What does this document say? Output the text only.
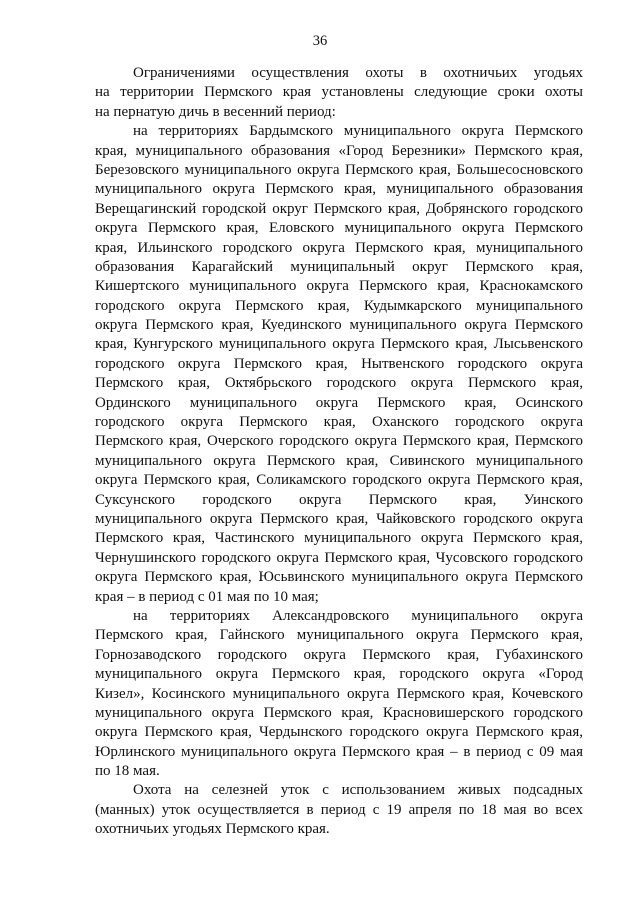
36
Ограничениями осуществления охоты в охотничьих угодьях
на территории Пермского края установлены следующие сроки охоты
на пернатую дичь в весенний период:
на территориях Бардымского муниципального округа Пермского
края, муниципального образования «Город Березники» Пермского края,
Березовского муниципального округа Пермского края, Большесосновского
муниципального округа Пермского края, муниципального образования
Верещагинский городской округ Пермского края, Добрянского городского
округа Пермского края, Еловского муниципального округа Пермского
края, Ильинского городского округа Пермского края, муниципального
образования Карагайский муниципальный округ Пермского края,
Кишертского муниципального округа Пермского края, Краснокамского
городского округа Пермского края, Кудымкарского муниципального
округа Пермского края, Куединского муниципального округа Пермского
края, Кунгурского муниципального округа Пермского края, Лысьвенского
городского округа Пермского края, Нытвенского городского округа
Пермского края, Октябрьского городского округа Пермского края,
Ординского муниципального округа Пермского края, Осинского
городского округа Пермского края, Оханского городского округа
Пермского края, Очерского городского округа Пермского края, Пермского
муниципального округа Пермского края, Сивинского муниципального
округа Пермского края, Соликамского городского округа Пермского края,
Суксунского городского округа Пермского края, Уинского
муниципального округа Пермского края, Чайковского городского округа
Пермского края, Частинского муниципального округа Пермского края,
Чернушинского городского округа Пермского края, Чусовского городского
округа Пермского края, Юсьвинского муниципального округа Пермского
края – в период с 01 мая по 10 мая;
на территориях Александровского муниципального округа
Пермского края, Гайнского муниципального округа Пермского края,
Горнозаводского городского округа Пермского края, Губахинского
муниципального округа Пермского края, городского округа «Город
Кизел», Косинского муниципального округа Пермского края, Кочевского
муниципального округа Пермского края, Красновишерского городского
округа Пермского края, Чердынского городского округа Пермского края,
Юрлинского муниципального округа Пермского края – в период с 09 мая
по 18 мая.
Охота на селезней уток с использованием живых подсадных
(манных) уток осуществляется в период с 19 апреля по 18 мая во всех
охотничьих угодьях Пермского края.
